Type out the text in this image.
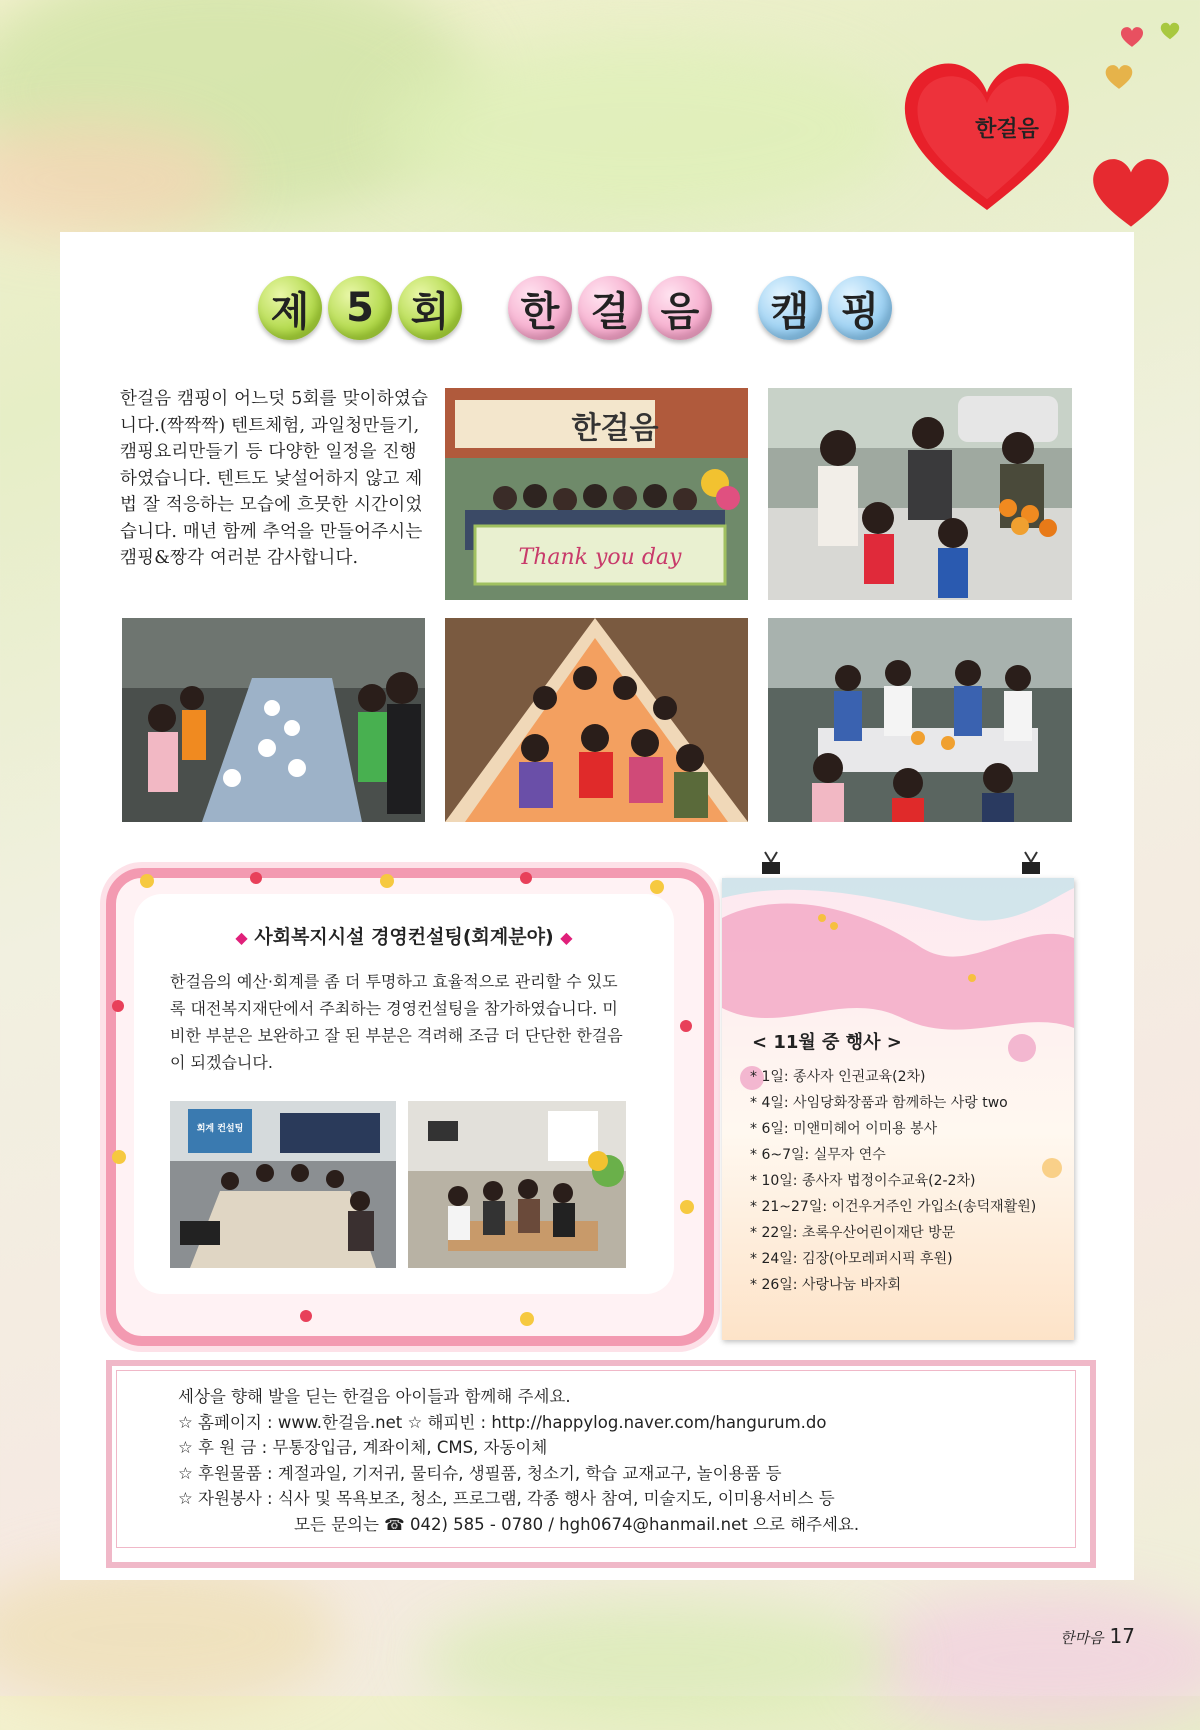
한걸음
제 5 회	한 걸 음	캠 핑
한걸음 캠핑이 어느덧 5회를 맞이하였습니다.(짝짝짝) 텐트체험, 과일청만들기, 캠핑요리만들기 등 다양한 일정을 진행하였습니다. 텐트도 낯설어하지 않고 제법 잘 적응하는 모습에 흐뭇한 시간이었습니다. 매년 함께 추억을 만들어주시는 캠핑&짱각 여러분 감사합니다.
한걸음
Thank you day
◆ 사회복지시설 경영컨설팅(회계분야) ◆
한걸음의 예산·회계를 좀 더 투명하고 효율적으로 관리할 수 있도록 대전복지재단에서 주최하는 경영컨설팅을 참가하였습니다. 미비한 부분은 보완하고 잘 된 부분은 격려해 조금 더 단단한 한걸음이 되겠습니다.
회계 컨설팅
< 11월 중 행사 >
* 1일: 종사자 인권교육(2차)
* 4일: 사임당화장품과 함께하는 사랑 two
* 6일: 미앤미헤어 이미용 봉사
* 6~7일: 실무자 연수
* 10일: 종사자 법정이수교육(2-2차)
* 21~27일: 이건우거주인 가입소(송덕재활원)
* 22일: 초록우산어린이재단 방문
* 24일: 김장(아모레퍼시픽 후원)
* 26일: 사랑나눔 바자회
세상을 향해 발을 딛는 한걸음 아이들과 함께해 주세요.
☆ 홈페이지 : www.한걸음.net ☆ 해피빈 : http://happylog.naver.com/hangurum.do
☆ 후 원 금 : 무통장입금, 계좌이체, CMS, 자동이체
☆ 후원물품 : 계절과일, 기저귀, 물티슈, 생필품, 청소기, 학습 교재교구, 놀이용품 등
☆ 자원봉사 : 식사 및 목욕보조, 청소, 프로그램, 각종 행사 참여, 미술지도, 이미용서비스 등
모든 문의는 ☎ 042) 585 - 0780 / hgh0674@hanmail.net 으로 해주세요.
한마음 17
